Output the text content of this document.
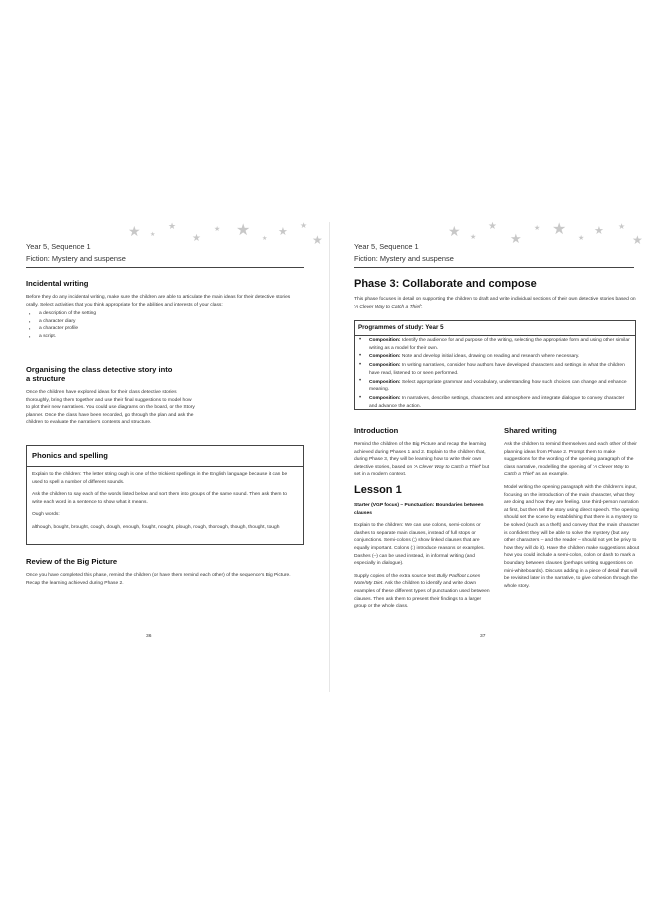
★ ★
★
★
★ ★ ★
★
★
★
Year 5, Sequence 1
Fiction: Mystery and suspense
Incidental writing

Before they do any incidental writing, make sure the children are able to articulate the main ideas for their detective stories orally. Select activities that you think appropriate for the abilities and interests of your class:

▪ a description of the setting
▪ a character diary
▪ a character profile
▪ a script.
Organising the class detective story into
a structure

Once the children have explored ideas for their class detective stories thoroughly, bring them together and use their final suggestions to model how to plot their new narratives. You could use diagrams on the board, or the Story planner. Once the class have been recorded, go through the plan and ask the children to evaluate the narrative's contents and structure.

Phonics and spelling

Explain to the children: The letter string ough is one of the trickiest spellings in the English language because it can be used to spell a number of different sounds.

Ask the children to say each of the words listed below and sort them into groups of the same sound. Then ask them to write each word in a sentence to show what it means.

Ough words:

although, bought, brought, cough, dough, enough, fought, nought, plough, rough, thorough, though, thought, tough

Review of the Big Picture

Once you have completed this phase, remind the children (or have them remind each other) of the sequence's Big Picture. Recap the learning achieved during Phase 2.

36
★ ★
★
★
★ ★
★
★ ★
★
Year 5, Sequence 1
Fiction: Mystery and suspense
Phase 3: Collaborate and compose

This phase focuses in detail on supporting the children to draft and write individual sections of their own detective stories based on 'A Clever Way to Catch a Thief'.

Programmes of study: Year 5
• Composition: Identify the audience for and purpose of the writing, selecting the appropriate form and using other similar writing as a model for their own.
• Composition: Note and develop initial ideas, drawing on reading and research where necessary.
• Composition: In writing narratives, consider how authors have developed characters and settings in what the children have read, listened to or seen performed.
• Composition: Select appropriate grammar and vocabulary, understanding how such choices can change and enhance meaning.
• Composition: In narratives, describe settings, characters and atmosphere and integrate dialogue to convey character and advance the action.
Introduction

Remind the children of the Big Picture and recap the learning achieved during Phases 1 and 2. Explain to the children that, during Phase 3, they will be learning how to write their own detective stories, based on 'A Clever Way to Catch a Thief' but set in a modern context.

Lesson 1

Starter (VGP focus) – Punctuation: Boundaries between clauses

Explain to the children: We can use colons, semi-colons or dashes to separate main clauses, instead of full stops or conjunctions. Semi-colons (;) show linked clauses that are equally important. Colons (:) introduce reasons or examples. Dashes (–) can be used instead, in informal writing (and especially in dialogue).

Supply copies of the extra source text Bully Padfoot Loses Note/My Diet. Ask the children to identify and write down examples of these different types of punctuation used between clauses. Then ask them to present their findings to a larger group or the whole class.

Shared writing

Ask the children to remind themselves and each other of their planning ideas from Phase 2. Prompt them to make suggestions for the wording of the opening paragraph of the class narrative, modelling the opening of 'A Clever Way to Catch a Thief' as an example.

Model writing the opening paragraph with the children's input, focusing on the introduction of the main character, what they are doing and how they are feeling. Use third-person narration at first, but then tell the story using direct speech. The opening should set the scene by establishing that there is a mystery to be solved (such as a theft) and convey that the main character is confident they will be able to solve the mystery (but any other characters – and the reader – should not yet be privy to how they will do it). Have the children make suggestions about how you could include a semi-colon, colon or dash to mark a boundary between clauses (perhaps writing suggestions on mini-whiteboards). Discuss adding in a piece of detail that will be revisited later in the narrative, to give cohesion through the whole story.

37
